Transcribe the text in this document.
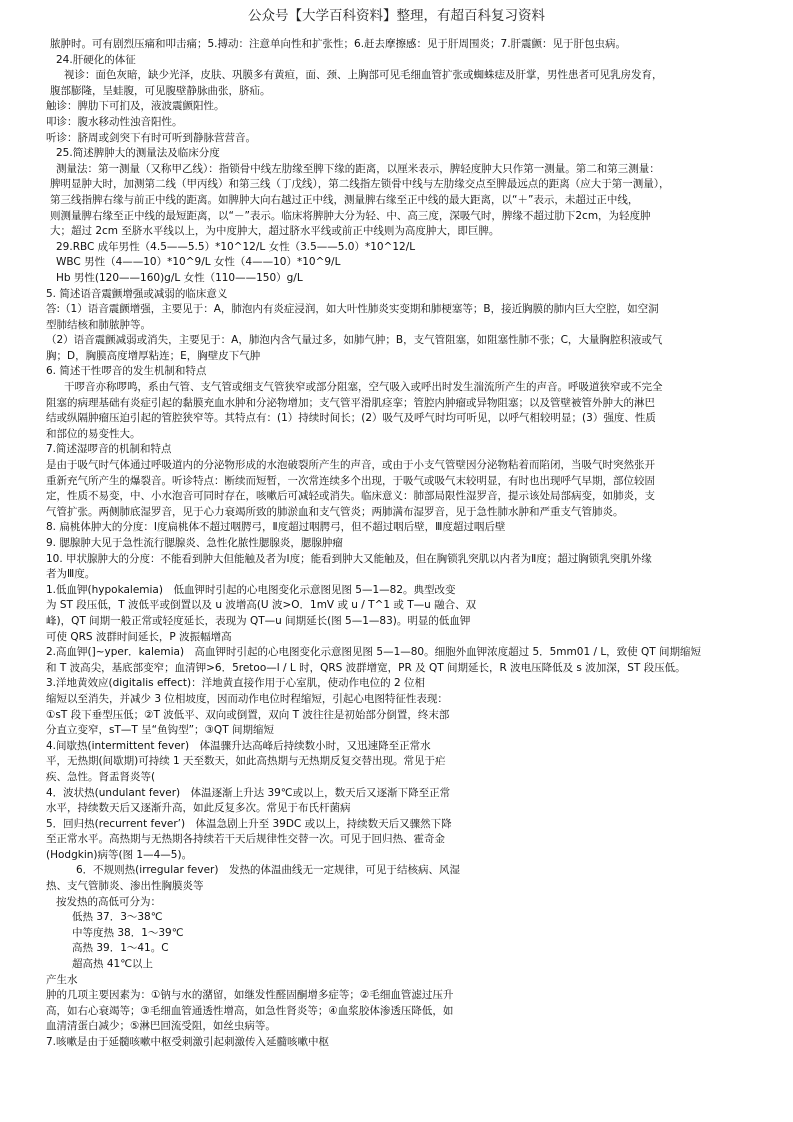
公众号【大学百科资料】整理，有超百科复习资料
脓肿时。可有剧烈压痛和叩击痛；5.搏动：注意单向性和扩张性；6.赶去摩擦感：见于肝周围炎；7.肝震颤：见于肝包虫病。
24.肝硬化的体征
视诊：面色灰暗，缺少光泽，皮肤、巩膜多有黄疸，面、颈、上胸部可见毛细血管扩张或蜘蛛痣及肝掌，男性患者可见乳房发育，
腹部膨隆，呈蛙腹，可见腹壁静脉曲张，脐疝。
触诊：脾肋下可扪及，液波震颤阳性。
叩诊：腹水移动性浊音阳性。
听诊：脐周或剑突下有时可听到静脉营营音。
25.简述脾肿大的测量法及临床分度
测量法：第一测量（又称甲乙线）：指锁骨中线左肋缘至脾下缘的距离，以厘米表示，脾轻度肿大只作第一测量。第二和第三测量：
脾明显肿大时，加测第二线（甲丙线）和第三线（丁戊线），第二线指左锁骨中线与左肋缘交点至脾最远点的距离（应大于第一测量），
第三线指脾右缘与前正中线的距离。如脾肿大向右越过正中线，测量脾右缘至正中线的最大距离，以“＋”表示，未超过正中线，
则测量脾右缘至正中线的最短距离，以“－”表示。临床将脾肿大分为轻、中、高三度，深吸气时，脾缘不超过肋下2cm，为轻度肿
大；超过 2cm 至脐水平线以上，为中度肿大，超过脐水平线或前正中线则为高度肿大，即巨脾。
29.RBC 成年男性（4.5——5.5）*10^12/L 女性（3.5——5.0）*10^12/L
WBC 男性（4——10）*10^9/L 女性（4——10）*10^9/L
Hb 男性(120——160)g/L 女性（110——150）g/L
5. 简述语音震颤增强或减弱的临床意义
答:（1）语音震颤增强，主要见于：A，肺泡内有炎症浸润，如大叶性肺炎实变期和肺梗塞等；B，接近胸膜的肺内巨大空腔，如空洞
型肺结核和肺脓肿等。
（2）语音震颤减弱或消失，主要见于：A，肺泡内含气量过多，如肺气肿；B，支气管阻塞，如阻塞性肺不张；C，大量胸腔积液或气
胸；D，胸膜高度增厚粘连；E，胸壁皮下气肿
6. 简述干性啰音的发生机制和特点
干啰音亦称啰鸣，系由气管、支气管或细支气管狭窄或部分阻塞，空气吸入或呼出时发生湍流所产生的声音。呼吸道狭窄或不完全
阻塞的病理基础有炎症引起的黏膜充血水肿和分泌物增加；支气管平滑肌痉挛；管腔内肿瘤或异物阻塞；以及管壁被管外肿大的淋巴
结或纵隔肿瘤压迫引起的管腔狭窄等。其特点有：(1）持续时间长；(2）吸气及呼气时均可听见，以呼气相较明显；(3）强度、性质
和部位的易变性大。
7.简述湿啰音的机制和特点
是由于吸气时气体通过呼吸道内的分泌物形成的水泡破裂所产生的声音，或由于小支气管壁因分泌物粘着而陷闭，当吸气时突然张开
重新充气所产生的爆裂音。听诊特点：断续而短暂，一次常连续多个出现，于吸气或吸气末较明显，有时也出现呼气早期，部位较固
定，性质不易变，中、小水泡音可同时存在，咳嗽后可减轻或消失。临床意义：肺部局限性湿罗音，提示该处局部病变，如肺炎，支
气管扩张。两侧肺底湿罗音，见于心力衰竭所致的肺淤血和支气管炎；两肺满布湿罗音，见于急性肺水肿和严重支气管肺炎。
8. 扁桃体肿大的分度：Ⅰ度扁桃体不超过咽腭弓，Ⅱ度超过咽腭弓，但不超过咽后壁，Ⅲ度超过咽后壁
9. 腮腺肿大见于急性流行腮腺炎、急性化脓性腮腺炎，腮腺肿瘤
10. 甲状腺肿大的分度：不能看到肿大但能触及者为Ⅰ度；能看到肿大又能触及，但在胸锁乳突肌以内者为Ⅱ度；超过胸锁乳突肌外缘
者为Ⅲ度。
1.低血钾(hypokalemia)　低血钾时引起的心电图变化示意图见图 5—1—82。典型改变
为 ST 段压低，T 波低平或倒置以及 u 波增高(U 波>O．1mV 或 u / T^1 或 T—u 融合、双
峰)，QT 间期一般正常或轻度延长，表现为 QT—u 间期延长(图 5—1—83)。明显的低血钾
可使 QRS 波群时间延长，P 波振幅增高
2.高血钾(]~yper．kalemia)　高血钾时引起的心电图变化示意图见图 5—1—80。细胞外血钾浓度超过 5．5mm01 / L，致使 QT 间期缩短
和 T 波高尖，基底部变窄；血清钾>6．5retoo—l / L 时，QRS 波群增宽，PR 及 QT 间期延长，R 波电压降低及 s 波加深，ST 段压低。
3.洋地黄效应(digitalis effect)：洋地黄直接作用于心室肌，使动作电位的 2 位相
缩短以至消失，并减少 3 位相坡度，因而动作电位时程缩短，引起心电图特征性表现：
①sT 段下垂型压低；②T 波低平、双向或倒置，双向 T 波往往是初始部分倒置，终末部
分直立变窄，sT—T 呈“鱼钩型”；③QT 间期缩短
4.间歇热(intermittent fever)　体温骤升达高峰后持续数小时，又迅速降至正常水
平，无热期(间歇期)可持续 1 天至数天，如此高热期与无热期反复交替出现。常见于疟
疾、急性。肾盂肾炎等(
4．波状热(undulant fever)　体温逐渐上升达 39℃或以上，数天后又逐渐下降至正常
水平，持续数天后又逐渐升高，如此反复多次。常见于布氏杆菌病
5．回归热(recurrent fever’)　体温急剧上升至 39DC 或以上，持续数天后又骤然下降
至正常水平。高热期与无热期各持续若干天后规律性交替一次。可见于回归热、霍奇金
(Hodgkin)病等(图 1—4—5)。
6．不规则热(irregular fever)　发热的体温曲线无一定规律，可见于结核病、风湿
热、支气管肺炎、渗出性胸膜炎等
按发热的高低可分为：
低热 37．3～38℃
中等度热 38．1～39℃
高热 39．1～41。C
超高热 41℃以上
产生水
肿的几项主要因素为：①钠与水的潴留，如继发性醛固酮增多症等；②毛细血管滤过压升
高，如右心衰竭等；③毛细血管通透性增高，如急性肾炎等；④血浆胶体渗透压降低，如
血清清蛋白减少；⑤淋巴回流受阻，如丝虫病等。
7.咳嗽是由于延髓咳嗽中枢受刺激引起刺激传入延髓咳嗽中枢
